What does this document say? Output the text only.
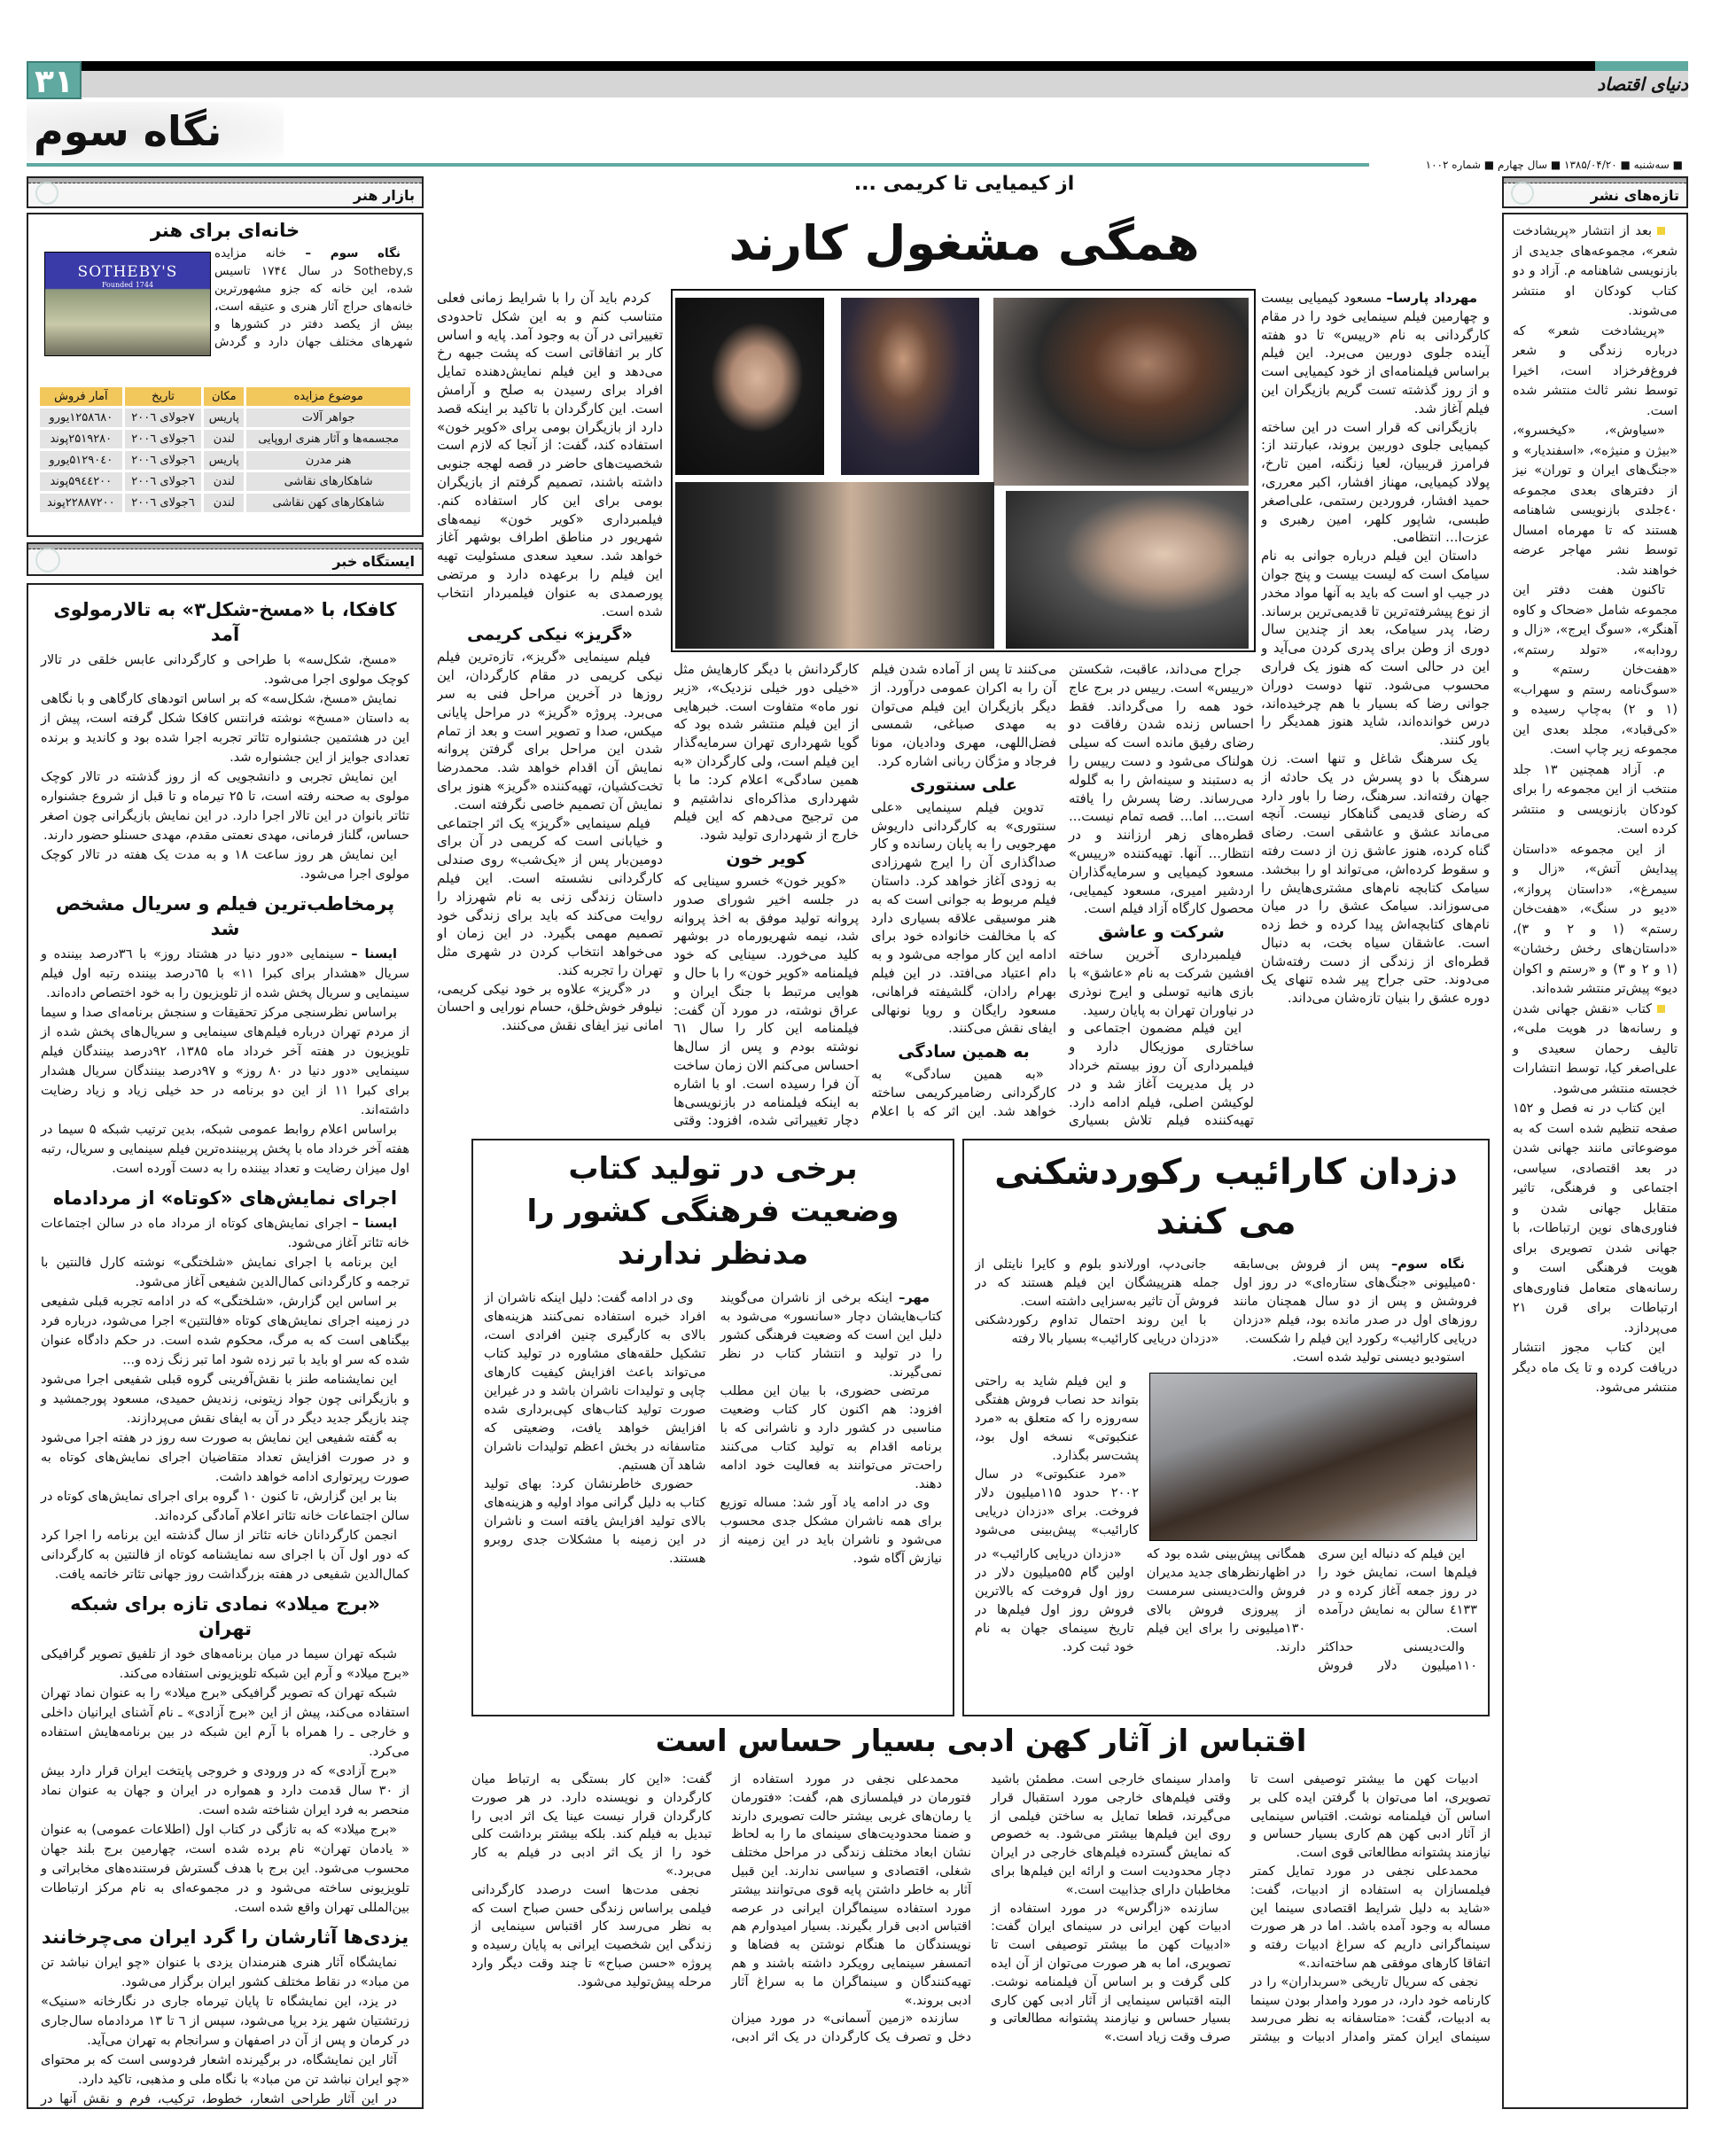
۳۱	دنیای اقتصاد
نگاه سوم
■ سه‌شنبه ■ ۱۳۸۵/۰۴/۲۰ ■ سال چهارم ■ شماره ۱۰۰۲
بازار هنر
خانه‌ای برای هنر
SOTHEBY'S
Founded 1744

نگاه سوم – خانه مزایده Sotheby,s در سال ۱۷۴٤ تاسیس شده، این خانه که جزو مشهورترین خانه‌های حراج آثار هنری و عتیقه است، بیش از یکصد دفتر در کشورها و شهرهای مختلف جهان دارد و گردش

موضوع مزایده	مکان	تاریخ	آمار فروش
جواهر آلات	پاریس	۷جولای ۲۰۰٦	۱۲۵۸٦۸۰یورو
مجسمه‌ها و آثار هنری اروپایی	لندن	٦جولای ۲۰۰٦	۲۵۱۹۲۸۰پوند
هنر مدرن	پاریس	٦جولای ۲۰۰٦	۵۱۲۹۰٤۰یورو
شاهکارهای نقاشی	لندن	٦جولای ۲۰۰٦	۵۹٤٤۲۰۰پوند
شاهکارهای کهن نقاشی	لندن	٦جولای ۲۰۰٦	۲۲۸۸۷۲۰۰پوند
ایستگاه خبر
کافکا، با «مسخ-شکل۳» به تالارمولوی آمد

«مسخ، شکل‌سه» با طراحی و کارگردانی عابس خلقی در تالار کوچک مولوی اجرا می‌شود.

نمایش «مسخ، شکل‌سه» که بر اساس اتودهای کارگاهی و با نگاهی به داستان «مسخ» نوشته فرانتس کافکا شکل گرفته است، پیش از این در هشتمین جشنواره تئاتر تجربه اجرا شده بود و کاندید و برنده تعدادی جوایز از این جشنواره شد.

این نمایش تجربی و دانشجویی که از روز گذشته در تالار کوچک مولوی به صحنه رفته است، تا ۲۵ تیرماه و تا قبل از شروع جشنواره تئاتر بانوان در این تالار اجرا دارد. در این نمایش بازیگرانی چون اصغر حساس، گلناز فرمانی، مهدی نعمتی مقدم، مهدی حسنلو حضور دارند.

این نمایش هر روز ساعت ۱۸ و به مدت یک هفته در تالار کوچک مولوی اجرا می‌شود.

پرمخاطب‌ترین فیلم و سریال مشخص شد

ایسنا – سینمایی «دور دنیا در هشتاد روز» با ۳٦درصد بیننده و سریال «هشدار برای کبرا ۱۱» با ٦۵درصد بیننده رتبه اول فیلم سینمایی و سریال پخش شده از تلویزیون را به خود اختصاص داده‌اند.

براساس نظرسنجی مرکز تحقیقات و سنجش برنامه‌ای صدا و سیما از مردم تهران درباره فیلم‌های سینمایی و سریال‌های پخش شده از تلویزیون در هفته آخر خرداد ماه ۱۳۸۵، ۹۲درصد بینندگان فیلم سینمایی «دور دنیا در ۸۰ روز» و ۹۷درصد بینندگان سریال هشدار برای کبرا ۱۱ از این دو برنامه در حد خیلی زیاد و زیاد رضایت داشته‌اند.

براساس اعلام روابط عمومی شبکه، بدین ترتیب شبکه ۵ سیما در هفته آخر خرداد ماه با پخش پربیننده‌ترین فیلم سینمایی و سریال، رتبه اول میزان رضایت و تعداد بیننده را به دست آورده است.

اجرای نمایش‌های «کوتاه» از مردادماه

ایسنا – اجرای نمایش‌های کوتاه از مرداد ماه در سالن اجتماعات خانه تئاتر آغاز می‌شود.

این برنامه با اجرای نمایش «شلختگی» نوشته کارل فالنتین با ترجمه و کارگردانی کمال‌الدین شفیعی آغاز می‌شود.

بر اساس این گزارش، «شلختگی» که در ادامه تجربه قبلی شفیعی در زمینه اجرای نمایش‌های کوتاه «فالنتین» اجرا می‌شود، درباره فرد بیگناهی است که به مرگ، محکوم شده است. در حکم دادگاه عنوان شده که سر او باید با تبر زده شود اما تبر زنگ زده و...

این نمایشنامه طنز با نقش‌آفرینی گروه قبلی شفیعی اجرا می‌شود و بازیگرانی چون جواد زیتونی، زندیش حمیدی، مسعود پورجمشید و چند بازیگر جدید دیگر در آن به ایفای نقش می‌پردازند.

به گفته شفیعی این نمایش به صورت سه روز در هفته اجرا می‌شود و در صورت افزایش تعداد متقاضیان اجرای نمایش‌های کوتاه به صورت رپرتواری ادامه خواهد داشت.

بنا بر این گزارش، تا کنون ۱۰ گروه برای اجرای نمایش‌های کوتاه در سالن اجتماعات خانه تئاتر اعلام آمادگی کرده‌اند.

انجمن کارگردانان خانه تئاتر از سال گذشته این برنامه را اجرا کرد که دور اول آن با اجرای سه نمایشنامه کوتاه از فالنتین به کارگردانی کمال‌الدین شفیعی در هفته بزرگداشت روز جهانی تئاتر خاتمه یافت.

«برج میلاد» نمادی تازه برای شبکه تهران

شبکه تهران سیما در میان برنامه‌های خود از تلفیق تصویر گرافیکی «برج میلاد» و آرم این شبکه تلویزیونی استفاده می‌کند.

شبکه تهران که تصویر گرافیکی «برج میلاد» را به عنوان نماد تهران استفاده می‌کند، پیش از این «برج آزادی» ـ نام آشنای ایرانیان داخلی و خارجی ـ را همراه با آرم این شبکه در بین برنامه‌هایش استفاده می‌کرد.

«برج آزادی» که در ورودی و خروجی پایتخت ایران قرار دارد بیش از ۳۰ سال قدمت دارد و همواره در ایران و جهان به عنوان نماد منحصر به فرد ایران شناخته شده است.

«برج میلاد» که به تازگی در کتاب اول (اطلاعات عمومی) به عنوان « یادمان تهران» نام برده شده است، چهارمین برج بلند جهان محسوب می‌شود. این برج با هدف گسترش فرستنده‌های مخابراتی و تلویزیونی ساخته می‌شود و در مجموعه‌ای به نام مرکز ارتباطات بین‌المللی تهران واقع شده است.

یزدی‌ها آثارشان را گرد ایران می‌چرخانند

نمایشگاه آثار هنری هنرمندان یزدی با عنوان «چو ایران نباشد تن من مباد» در نقاط مختلف کشور ایران برگزار می‌شود.

در یزد، این نمایشگاه تا پایان تیرماه جاری در نگارخانه «سنیک» زرتشتیان شهر یزد برپا می‌شود، سپس از ٦ تا ۱۳ مردادماه سال‌جاری در کرمان و پس از آن در اصفهان و سرانجام به تهران می‌آید.

آثار این نمایشگاه، در برگیرنده اشعار فردوسی است که بر محتوای «چو ایران نباشد تن من مباد» با نگاه ملی و مذهبی، تاکید دارد.

در این آثار طراحی اشعار، خطوط، ترکیب، فرم و نقش آنها در

تازه‌های نشر

بعد از انتشار «پریشادخت شعر»، مجموعه‌های جدیدی از بازنویسی شاهنامه م. آزاد و دو کتاب کودکان او منتشر می‌شوند.

«پریشادخت شعر» که درباره زندگی و شعر فروغ‌فرخزاد است، اخیرا توسط نشر ثالث منتشر شده است.

«سیاوش»، «کیخسرو»، «بیژن و منیژه»، «اسفندیار» و «جنگ‌های ایران و توران» نیز از دفترهای بعدی مجموعه ٤٠جلدی بازنویسی شاهنامه هستند که تا مهرماه امسال توسط نشر مهاجر عرضه خواهند شد.

تاکنون هفت دفتر این مجموعه شامل «ضحاک و کاوه آهنگر»، «سوگ ایرج»، «زال و رودابه»، «تولد رستم»، «هفت‌خان رستم» و «سوگ‌نامه رستم و سهراب» (۱ و ۲) به‌چاپ رسیده و «کی‌قباد»، مجلد بعدی این مجموعه زیر چاپ است.

م. آزاد همچنین ۱۳ جلد منتخب از این مجموعه را برای کودکان بازنویسی و منتشر کرده است.

از این مجموعه «داستان پیدایش آتش»، «زال و سیمرغ»، «داستان پرواز»، «دیو در سنگ»، «هفت‌خان رستم» (۱ و ۲ و ۳)، «داستان‌های رخش رخشان» (۱ و ۲ و ۳) و «رستم و اکوان دیو» پیش‌تر منتشر شده‌اند.

کتاب «نقش جهانی شدن و رسانه‌ها در هویت ملی»، تالیف رحمان سعیدی و علی‌اصغر کیا، توسط انتشارات خجسته منتشر می‌شود.

این کتاب در نه فصل و ۱۵۲ صفحه تنظیم شده است که به موضوعاتی مانند جهانی شدن در بعد اقتصادی، سیاسی، اجتماعی و فرهنگی، تاثیر متقابل جهانی شدن و فناوری‌های نوین ارتباطات، با جهانی شدن تصویری برای هویت فرهنگی است و رسانه‌های متعامل فناوری‌های ارتباطات برای قرن ۲۱ می‌پردازد.

این کتاب مجوز انتشار دریافت کرده و تا یک ماه دیگر منتشر می‌شود.

از کیمیایی تا کریمی ...
همگی مشغول کارند

مهرداد پارسا– مسعود کیمیایی بیست و چهارمین فیلم سینمایی خود را در مقام کارگردانی به نام «رییس» تا دو هفته آینده جلوی دوربین می‌برد. این فیلم براساس فیلمنامه‌ای از خود کیمیایی است و از روز گذشته تست گریم بازیگران این فیلم آغاز شد.

بازیگرانی که قرار است در این ساخته کیمیایی جلوی دوربین بروند، عبارتند از: فرامرز قریبیان، لعیا زنگنه، امین تارخ، پولاد کیمیایی، مهناز افشار، اکبر معرری، حمید افشار، فروردین رستمی، علی‌اصغر طبسی، شاپور کلهر، امین رهبری و عزت‌ا... انتظامی.

داستان این فیلم درباره جوانی به نام سیامک است که لیست بیست و پنج جوان در جیب او است که باید به آنها مواد مخدر از نوع پیشرفته‌ترین تا قدیمی‌ترین برساند. رضا، پدر سیامک، بعد از چندین سال دوری از وطن برای پدری کردن می‌آید و این در حالی است که هنوز یک فراری محسوب می‌شود. تنها دوست دوران جوانی رضا که بسیار با هم چرخیده‌اند، درس خوانده‌اند، شاید هنوز همدیگر را باور کنند.

یک سرهنگ شاغل و تنها است. زن سرهنگ با دو پسرش در یک حادثه از جهان رفته‌اند. سرهنگ، رضا را باور دارد که رضای قدیمی گناهکار نیست. آنچه می‌ماند عشق و عاشقی است. رضای گناه کرده، هنوز عاشق زن از دست رفته و سقوط کرده‌اش، می‌تواند او را ببخشد. سیامک کتابچه نام‌های مشتری‌هایش را می‌سوزاند. سیامک عشق را در میان نام‌های کتابچه‌اش پیدا کرده و خط زده است. عاشقان سیاه بخت، به دنبال قطره‌ای از زندگی از دست رفته‌شان می‌دوند. حتی جراح پیر شده تنهای یک دوره عشق را بنیان تازه‌شان می‌داند.

جراح می‌داند، عاقبت، شکستن «رییس» است. رییس در برج عاج خود همه را می‌گرداند. فقط احساس زنده شدن رفاقت دو رضای رفیق مانده است که سیلی هولناک می‌شود و دست رییس را به دستبند و سینه‌اش را به گلوله می‌رساند. رضا پسرش را یافته است... اما... قصه تمام نیست... قطره‌های زهر ارزانند و در انتظار... آنها. تهیه‌کننده «رییس» مسعود کیمیایی و سرمایه‌گذاران اردشیر امیری، مسعود کیمیایی، محصول کارگاه آزاد فیلم است.

شرکت و عاشق

فیلمبرداری آخرین ساخته افشین شرکت به نام «عاشق» با بازی هانیه توسلی و ایرج نوذری در نیاوران تهران به پایان رسید.

این فیلم مضمون اجتماعی و ساختاری موزیکال دارد و فیلمبرداری آن روز بیستم خرداد در پل مدیریت آغاز شد و در لوکیشن اصلی، فیلم ادامه دارد. تهیه‌کننده فیلم تلاش بسیاری می‌کنند تا پس از آماده شدن فیلم آن را به اکران عمومی درآورد. از دیگر بازیگران این فیلم می‌توان به مهدی صباغی، شمسی فضل‌اللهی، مهری وداديان، مونا فرجاد و مژگان ربانی اشاره کرد.

علی سنتوری

تدوین فیلم سینمایی «علی سنتوری» به کارگردانی داریوش مهرجویی را به پایان رسانده و کار صداگذاری آن را ایرج شهرزادی به زودی آغاز خواهد کرد. داستان فیلم مربوط به جوانی است که به هنر موسیقی علاقه بسیاری دارد که با مخالفت خانواده خود برای ادامه این کار مواجه می‌شود و به دام اعتیاد می‌افتد. در این فیلم بهرام رادان، گلشیفته فراهانی، مسعود رایگان و رویا نونهالی ایفای نقش می‌کنند.

به همین سادگی

«به همین سادگی» به کارگردانی رضامیرکریمی ساخته خواهد شد. این اثر که با اعلام کارگردانش با دیگر کارهایش مثل «خیلی دور خیلی نزدیک»، «زیر نور ماه» متفاوت است. خبرهایی از این فیلم منتشر شده بود که گویا شهرداری تهران سرمایه‌گذار این فیلم است، ولی کارگردان «به همین سادگی» اعلام کرد: ما با شهرداری مذاکره‌ای نداشتیم و من ترجیح می‌دهم که این فیلم خارج از شهرداری تولید شود.

کویر خون

«کویر خون» خسرو سینایی که در جلسه اخیر شورای صدور پروانه تولید موفق به اخذ پروانه شد، نیمه شهریورماه در بوشهر کلید می‌خورد. سینایی که خود فیلمنامه «کویر خون» را با حال و هوایی مرتبط با جنگ ایران و عراق نوشته، در مورد آن گفت: فیلمنامه این کار را سال ٦۱ نوشته بودم و پس از سال‌ها احساس می‌کنم الان زمان ساخت آن فرا رسیده است. او با اشاره به اینکه فیلمنامه در بازنویسی‌ها دچار تغییراتی شده، افزود: وقتی

کردم باید آن را با شرایط زمانی فعلی متناسب کنم و به این شکل تاحدودی تغییراتی در آن به وجود آمد. پایه و اساس کار بر اتفاقاتی است که پشت جبهه رخ می‌دهد و این فیلم نمایش‌دهنده تمایل افراد برای رسیدن به صلح و آرامش است. این کارگردان با تاکید بر اینکه قصد دارد از بازیگران بومی برای «کویر خون» استفاده کند، گفت: از آنجا که لازم است شخصیت‌های حاضر در قصه لهجه جنوبی داشته باشند، تصمیم گرفتم از بازیگران بومی برای این کار استفاده کنم. فیلمبرداری «کویر خون» نیمه‌های شهریور در مناطق اطراف بوشهر آغاز خواهد شد. سعید سعدی مسئولیت تهیه این فیلم را برعهده دارد و مرتضی پورصمدی به عنوان فیلمبردار انتخاب شده است.

«گریز» نیکی کریمی

فیلم سینمایی «گریز»، تازه‌ترین فیلم نیکی کریمی در مقام کارگردان، این روزها در آخرین مراحل فنی به سر می‌برد. پروژه «گریز» در مراحل پایانی میکس، صدا و تصویر است و بعد از تمام شدن این مراحل برای گرفتن پروانه نمایش آن اقدام خواهد شد. محمدرضا تخت‌کشیان، تهیه‌کننده «گریز» هنوز برای نمایش آن تصمیم خاصی نگرفته است.

فیلم سینمایی «گریز» یک اثر اجتماعی و خیابانی است که کریمی در آن برای دومین‌بار پس از «یک‌شب» روی صندلی کارگردانی نشسته است. این فیلم داستان زندگی زنی به نام شهرزاد را روایت می‌کند که باید برای زندگی خود تصمیم مهمی بگیرد. در این زمان او می‌خواهد انتخاب کردن در شهری مثل تهران را تجربه کند.

در «گریز» علاوه بر خود نیکی کریمی، نیلوفر خوش‌خلق، حسام نورایی و احسان امانی نیز ایفای نقش می‌کنند.

دزدان کارائیب رکوردشکنی می کنند

نگاه سوم– پس از فروش بی‌سابقه ۵۰میلیونی «جنگ‌های ستاره‌ای» در روز اول فروشش و پس از دو سال همچنان مانند روزهای اول در صدر مانده بود، فیلم «دزدان دریایی کارائیب» رکورد این فیلم را شکست.

استودیو دیسنی تولید شده است.

جانی‌دپ، اورلاندو بلوم و کایرا نایتلی از جمله هنرپیشگان این فیلم هستند که در فروش آن تاثیر به‌سزایی داشته است.

با این روند احتمال تداوم رکوردشکنی «دزدان دریایی کارائیب» بسیار بالا رفته

و این فیلم شاید به راحتی بتواند حد نصاب فروش هفتگی سه‌روزه را که متعلق به «مرد عنکبوتی» نسخه اول بود، پشت‌سر بگذارد.

«مرد عنکبوتی» در سال ۲۰۰۲ حدود ۱۱۵میلیون دلار فروخت. برای «دزدان دریایی کارائیب» پیش‌بینی می‌شود

این فیلم که دنباله این سری فیلم‌ها است، نمایش خود را در روز جمعه آغاز کرده و در ٤۱۳۳ سالن به نمایش درآمده است.

والت‌دیسنی حداکثر ۱۱۰میلیون دلار فروش همگانی پیش‌بینی شده بود که در اظهارنظرهای جدید مدیران فروش والت‌دیسنی سرمست از پیروزی فروش بالای ۱۳۰میلیونی را برای این فیلم دارند.

«دزدان دریایی کارائیب» در اولین گام ۵۵میلیون دلار در روز اول فروخت که بالاترین فروش روز اول فیلم‌ها در تاریخ سینمای جهان به نام خود ثبت کرد.

برخی در تولید کتاب
وضعیت فرهنگی کشور را مدنظر ندارند

مهر– اینکه برخی از ناشران می‌گویند کتاب‌هایشان دچار «سانسور» می‌شود به دلیل این است که وضعیت فرهنگی کشور را در تولید و انتشار کتاب در نظر نمی‌گیرند.

مرتضی حضوری، با بیان این مطلب افزود: هم اکنون کار کتاب وضعیت مناسبی در کشور دارد و ناشرانی که با برنامه اقدام به تولید کتاب می‌کنند راحت‌تر می‌توانند به فعالیت خود ادامه دهند.

وی در ادامه یاد آور شد: مساله توزیع برای همه ناشران مشکل جدی محسوب می‌شود و ناشران باید در این زمینه از نیازش آگاه شود.

وی در ادامه گفت: دلیل اینکه ناشران از افراد خبره استفاده نمی‌کنند هزینه‌های بالای به کارگیری چنین افرادی است، تشکیل حلقه‌های مشاوره در تولید کتاب می‌تواند باعث افزایش کیفیت کارهای چاپی و تولیدات ناشران باشد و در غیراین صورت تولید کتاب‌های کپی‌برداری شده افزایش خواهد یافت، وضعیتی که متاسفانه در بخش اعظم تولیدات ناشران شاهد آن هستیم.

حضوری خاطرنشان کرد: بهای تولید کتاب به دلیل گرانی مواد اولیه و هزینه‌های بالای تولید افزایش یافته است و ناشران در این زمینه با مشکلات جدی روبرو هستند.

اقتباس از آثار کهن ادبی بسیار حساس است

ادبیات کهن ما بیشتر توصیفی است تا تصویری، اما می‌توان با گرفتن ایده کلی بر اساس آن فیلمنامه نوشت. اقتباس سینمایی از آثار ادبی کهن هم کاری بسیار حساس و نیازمند پشتوانه مطالعاتی قوی است.

محمدعلی نجفی در مورد تمایل کمتر فیلمسازان به استفاده از ادبیات، گفت: «شاید به دلیل شرایط اقتصادی سینما این مساله به وجود آمده باشد. اما در هر صورت سینماگرانی داریم که سراغ ادبیات رفته و اتفاقا کارهای موفقی هم ساخته‌اند.»

نجفی که سریال تاریخی «سربداران» را در کارنامه خود دارد، در مورد وامدار بودن سینما به ادبیات، گفت: «متاسفانه به نظر می‌رسد سینمای ایران کمتر وامدار ادبیات و بیشتر وامدار سینمای خارجی است. مطمئن باشید وقتی فیلم‌های خارجی مورد استقبال قرار می‌گیرند، قطعا تمایل به ساختن فیلمی از روی این فیلم‌ها بیشتر می‌شود. به خصوص که نمایش گسترده فیلم‌های خارجی در ایران دچار محدودیت است و ارائه این فیلم‌ها برای مخاطبان دارای جذابیت است.»

سازنده «زاگرس» در مورد استفاده از ادبیات کهن ایرانی در سینمای ایران گفت: «ادبیات کهن ما بیشتر توصیفی است تا تصویری، اما به هر صورت می‌توان از آن ایده کلی گرفت و بر اساس آن فیلمنامه نوشت. البته اقتباس سینمایی از آثار ادبی کهن کاری بسیار حساس و نیازمند پشتوانه مطالعاتی و صرف وقت زیاد است.»

محمدعلی نجفی در مورد استفاده از فتورمان در فیلمسازی هم، گفت: «فتورمان یا رمان‌های غربی بیشتر حالت تصویری دارند و ضمنا محدودیت‌های سینمای ما را به لحاظ نشان ابعاد مختلف زندگی در مراحل مختلف شغلی، اقتصادی و سیاسی ندارند. این قبیل آثار به خاطر داشتن پایه قوی می‌توانند بیشتر مورد استفاده سینماگران ایرانی در عرصه اقتباس ادبی قرار بگیرند. بسیار امیدوارم هم نویسندگان ما هنگام نوشتن به فضاها و اتمسفر سینمایی رویکرد داشته باشند و هم تهیه‌کنندگان و سینماگران ما به سراغ آثار ادبی بروند.»

سازنده «زمین آسمانی» در مورد میزان دخل و تصرف یک کارگردان در یک اثر ادبی، گفت: «این کار بستگی به ارتباط میان کارگردان و نویسنده دارد. در هر صورت کارگردان قرار نیست عینا یک اثر ادبی را تبدیل به فیلم کند. بلکه بیشتر برداشت کلی خود را از یک اثر ادبی در فیلم به کار می‌برد.»

نجفی مدت‌ها است درصدد کارگردانی فیلمی براساس زندگی حسن صباح است که به نظر می‌رسد کار اقتباس سینمایی از زندگی این شخصیت ایرانی به پایان رسیده و پروژه «حسن صباح» تا چند وقت دیگر وارد مرحله پیش‌تولید می‌شود.
